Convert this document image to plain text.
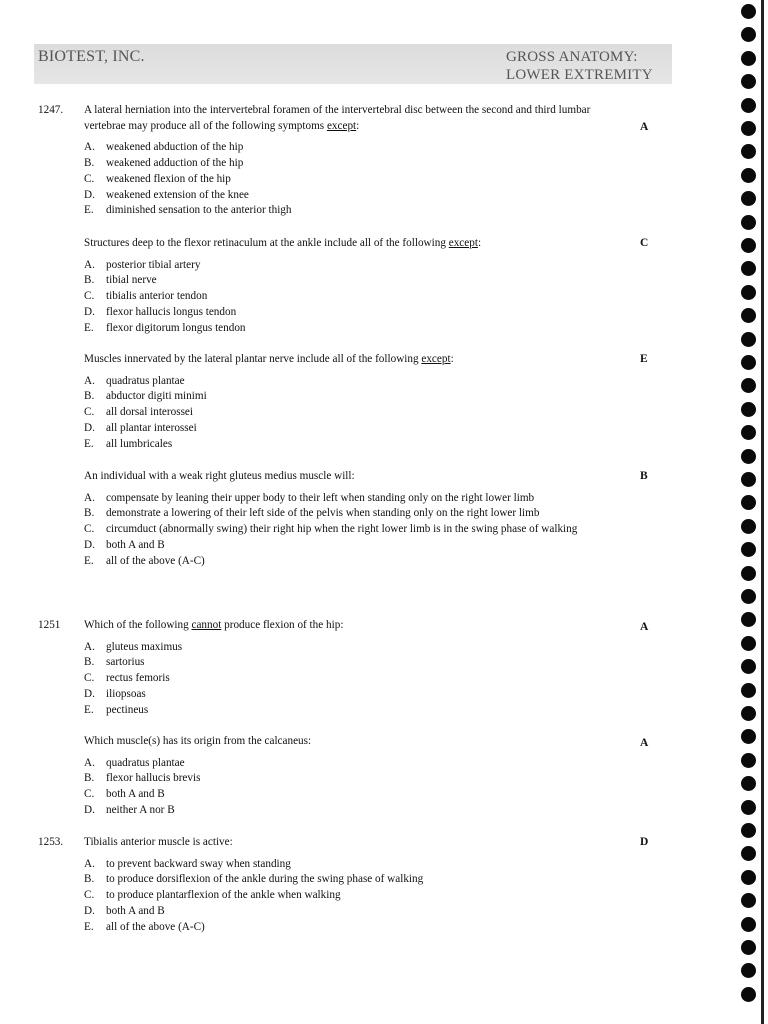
BIOTEST, INC.	GROSS ANATOMY:
LOWER EXTREMITY
1247.	A lateral herniation into the intervertebral foramen of the intervertebral disc between the second and third lumbar vertebrae may produce all of the following symptoms except:	A
A. weakened abduction of the hip
B.	weakened adduction of the hip
C.	weakened flexion of the hip
D. weakened extension of the knee
E.	diminished sensation to the anterior thigh
Structures deep to the flexor retinaculum at the ankle include all of the following except:	C
A. posterior tibial artery
B.	tibial nerve
C.	tibialis anterior tendon
D. flexor hallucis longus tendon
E.	flexor digitorum longus tendon
Muscles innervated by the lateral plantar nerve include all of the following except:	E
A. quadratus plantae
B.	abductor digiti minimi
C.	all dorsal interossei
D. all plantar interossei
E.	all lumbricales
An individual with a weak right gluteus medius muscle will:	B
A. compensate by leaning their upper body to their left when standing only on the right lower limb
B.	demonstrate a lowering of their left side of the pelvis when standing only on the right lower limb
C.	circumduct (abnormally swing) their right hip when the right lower limb is in the swing phase of walking
D. both A and B
E.	all of the above (A-C)
1251	Which of the following cannot produce flexion of the hip:	A
A. gluteus maximus
B.	sartorius
C.	rectus femoris
D. iliopsoas
E.	pectineus
Which muscle(s) has its origin from the calcaneus:	A
A. quadratus plantae
B.	flexor hallucis brevis
C.	both A and B
D. neither A nor B
1253.	Tibialis anterior muscle is active:	D
A. to prevent backward sway when standing
B.	to produce dorsiflexion of the ankle during the swing phase of walking
C.	to produce plantarflexion of the ankle when walking
D. both A and B
E.	all of the above (A-C)
